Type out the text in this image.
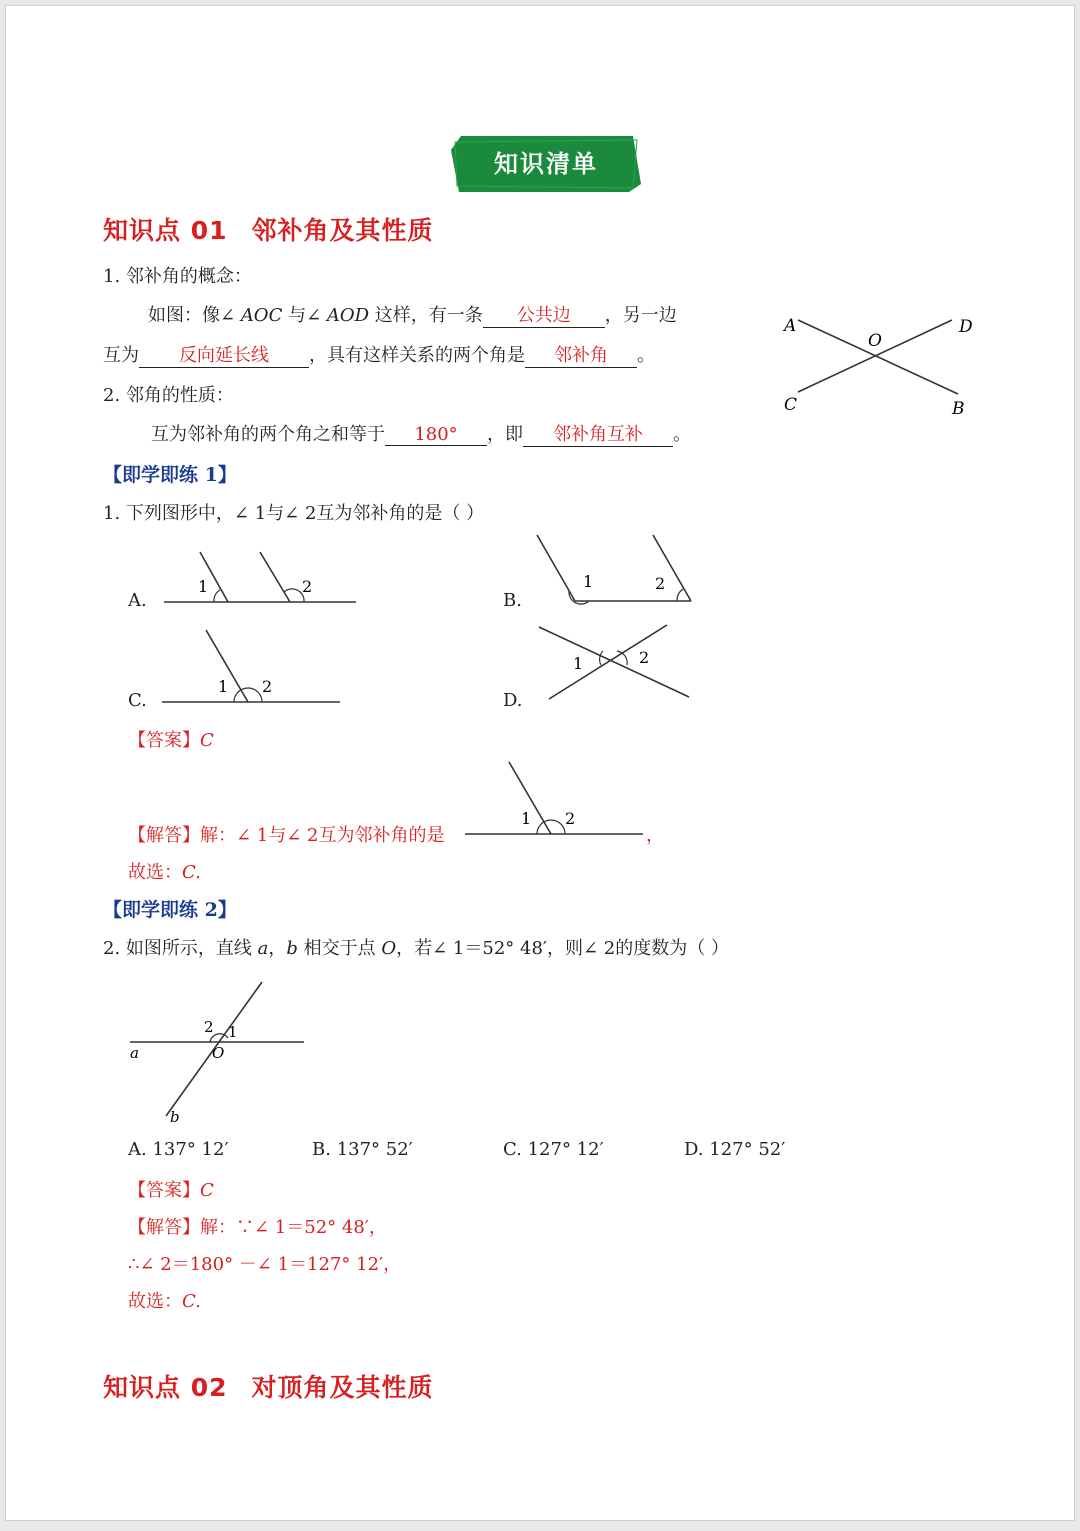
知识清单
知识点 01 邻补角及其性质
1. 邻补角的概念：
如图：像∠ AOC 与∠ AOD 这样，有一条 公共边 ，另一边
互为 反向延长线 ，具有这样关系的两个角是 邻补角 。
2. 邻角的性质：
互为邻补角的两个角之和等于 180° ，即 邻补角互补 。
A	D
O
C	B
【即学即练 1】
1. 下列图形中，∠ 1与∠ 2互为邻补角的是（ ）
A.
1	2
B.
1	2
C.
1 2
D.
1	2
【答案】C
【解答】解：∠ 1与∠ 2互为邻补角的是
1 2
，
故选：C.
【即学即练 2】
2. 如图所示，直线 a，b 相交于点 O，若∠ 1＝52° 48′，则∠ 2的度数为（ ）
2 1
O
a
b
A. 137° 12′	B. 137° 52′	C. 127° 12′	D. 127° 52′
【答案】C
【解答】解：∵∠ 1＝52° 48′，
∴∠ 2＝180° －∠ 1＝127° 12′，
故选：C.
知识点 02 对顶角及其性质
